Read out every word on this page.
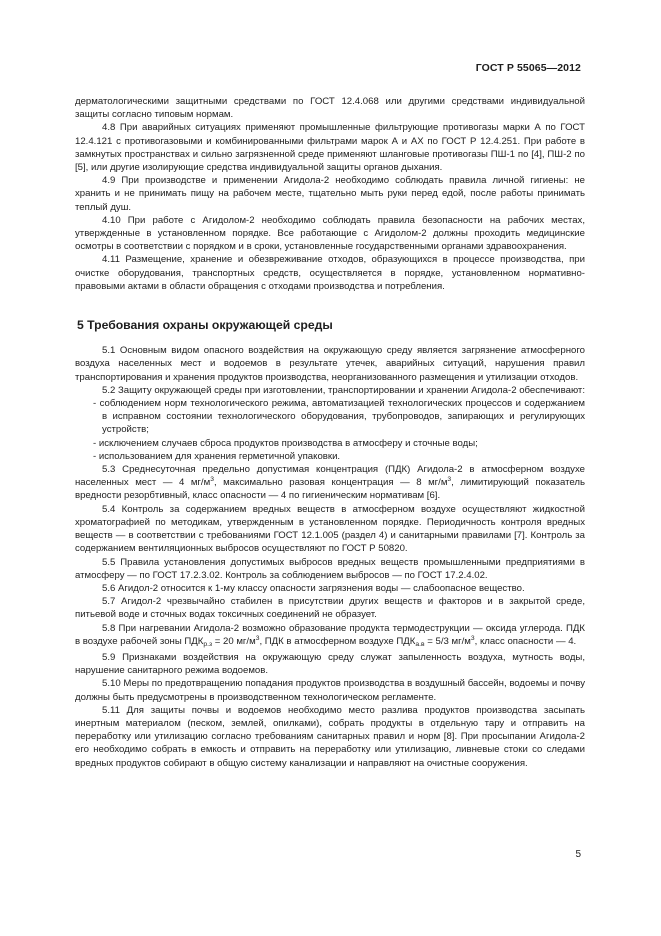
ГОСТ Р 55065—2012

дерматологическими защитными средствами по ГОСТ 12.4.068 или другими средствами индивидуальной защиты согласно типовым нормам.

4.8 При аварийных ситуациях применяют промышленные фильтрующие противогазы марки А по ГОСТ 12.4.121 с противогазовыми и комбинированными фильтрами марок А и АХ по ГОСТ Р 12.4.251. При работе в замкнутых пространствах и сильно загрязненной среде применяют шланговые противогазы ПШ-1 по [4], ПШ-2 по [5], или другие изолирующие средства индивидуальной защиты органов дыхания.

4.9 При производстве и применении Агидола-2 необходимо соблюдать правила личной гигиены: не хранить и не принимать пищу на рабочем месте, тщательно мыть руки перед едой, после работы принимать теплый душ.

4.10 При работе с Агидолом-2 необходимо соблюдать правила безопасности на рабочих местах, утвержденные в установленном порядке. Все работающие с Агидолом-2 должны проходить медицинские осмотры в соответствии с порядком и в сроки, установленные государственными органами здравоохранения.

4.11 Размещение, хранение и обезвреживание отходов, образующихся в процессе производства, при очистке оборудования, транспортных средств, осуществляется в порядке, установленном нормативно-правовыми актами в области обращения с отходами производства и потребления.

5 Требования охраны окружающей среды

5.1 Основным видом опасного воздействия на окружающую среду является загрязнение атмосферного воздуха населенных мест и водоемов в результате утечек, аварийных ситуаций, нарушения правил транспортирования и хранения продуктов производства, неорганизованного размещения и утилизации отходов.

5.2 Защиту окружающей среды при изготовлении, транспортировании и хранении Агидола-2 обеспечивают:

- соблюдением норм технологического режима, автоматизацией технологических процессов и содержанием в исправном состоянии технологического оборудования, трубопроводов, запирающих и регулирующих устройств;

- исключением случаев сброса продуктов производства в атмосферу и сточные воды;

- использованием для хранения герметичной упаковки.

5.3 Среднесуточная предельно допустимая концентрация (ПДК) Агидола-2 в атмосферном воздухе населенных мест — 4 $мг/м^3$, максимально разовая концентрация — 8 $мг/м^3$, лимитирующий показатель вредности резорбтивный, класс опасности — 4 по гигиеническим нормативам [6].

5.4 Контроль за содержанием вредных веществ в атмосферном воздухе осуществляют жидкостной хроматографией по методикам, утвержденным в установленном порядке. Периодичность контроля вредных веществ — в соответствии с требованиями ГОСТ 12.1.005 (раздел 4) и санитарными правилами [7]. Контроль за содержанием вентиляционных выбросов осуществляют по ГОСТ Р 50820.

5.5 Правила установления допустимых выбросов вредных веществ промышленными предприятиями в атмосферу — по ГОСТ 17.2.3.02. Контроль за соблюдением выбросов — по ГОСТ 17.2.4.02.

5.6 Агидол-2 относится к 1-му классу опасности загрязнения воды — слабоопасное вещество.

5.7 Агидол-2 чрезвычайно стабилен в присутствии других веществ и факторов и в закрытой среде, питьевой воде и сточных водах токсичных соединений не образует.

5.8 При нагревании Агидола-2 возможно образование продукта термодеструкции — оксида углерода. ПДК в воздухе рабочей зоны $ПДК_{р.з} = 20$ $мг/м^3$, ПДК в атмосферном воздухе $ПДК_{а.в} = 5/3$ $мг/м^3$, класс опасности — 4.

5.9 Признаками воздействия на окружающую среду служат запыленность воздуха, мутность воды, нарушение санитарного режима водоемов.

5.10 Меры по предотвращению попадания продуктов производства в воздушный бассейн, водоемы и почву должны быть предусмотрены в производственном технологическом регламенте.

5.11 Для защиты почвы и водоемов необходимо место разлива продуктов производства засыпать инертным материалом (песком, землей, опилками), собрать продукты в отдельную тару и отправить на переработку или утилизацию согласно требованиям санитарных правил и норм [8]. При просыпании Агидола-2 его необходимо собрать в емкость и отправить на переработку или утилизацию, ливневые стоки со следами вредных продуктов собирают в общую систему канализации и направляют на очистные сооружения.

5
